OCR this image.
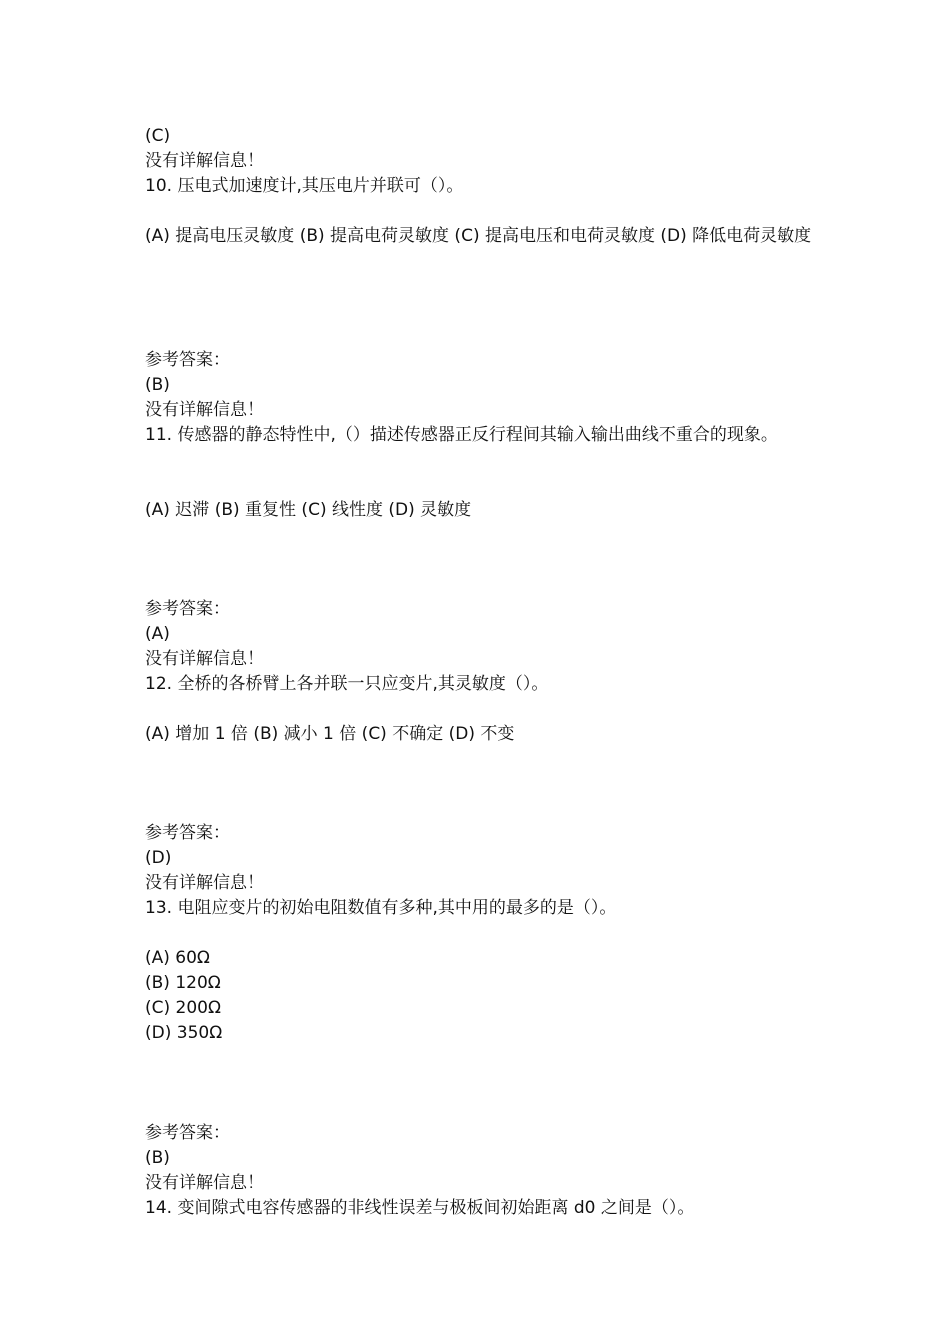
(C)
没有详解信息！
10. 压电式加速度计,其压电片并联可（）。
(A) 提高电压灵敏度 (B) 提高电荷灵敏度 (C) 提高电压和电荷灵敏度 (D) 降低电荷灵敏度
参考答案：
(B)
没有详解信息！
11. 传感器的静态特性中,（）描述传感器正反行程间其输入输出曲线不重合的现象。
(A) 迟滞 (B) 重复性 (C) 线性度 (D) 灵敏度
参考答案：
(A)
没有详解信息！
12. 全桥的各桥臂上各并联一只应变片,其灵敏度（）。
(A) 增加 1 倍 (B) 减小 1 倍 (C) 不确定 (D) 不变
参考答案：
(D)
没有详解信息！
13. 电阻应变片的初始电阻数值有多种,其中用的最多的是（）。
(A) 60Ω
(B) 120Ω
(C) 200Ω
(D) 350Ω
参考答案：
(B)
没有详解信息！
14. 变间隙式电容传感器的非线性误差与极板间初始距离 d0 之间是（）。
